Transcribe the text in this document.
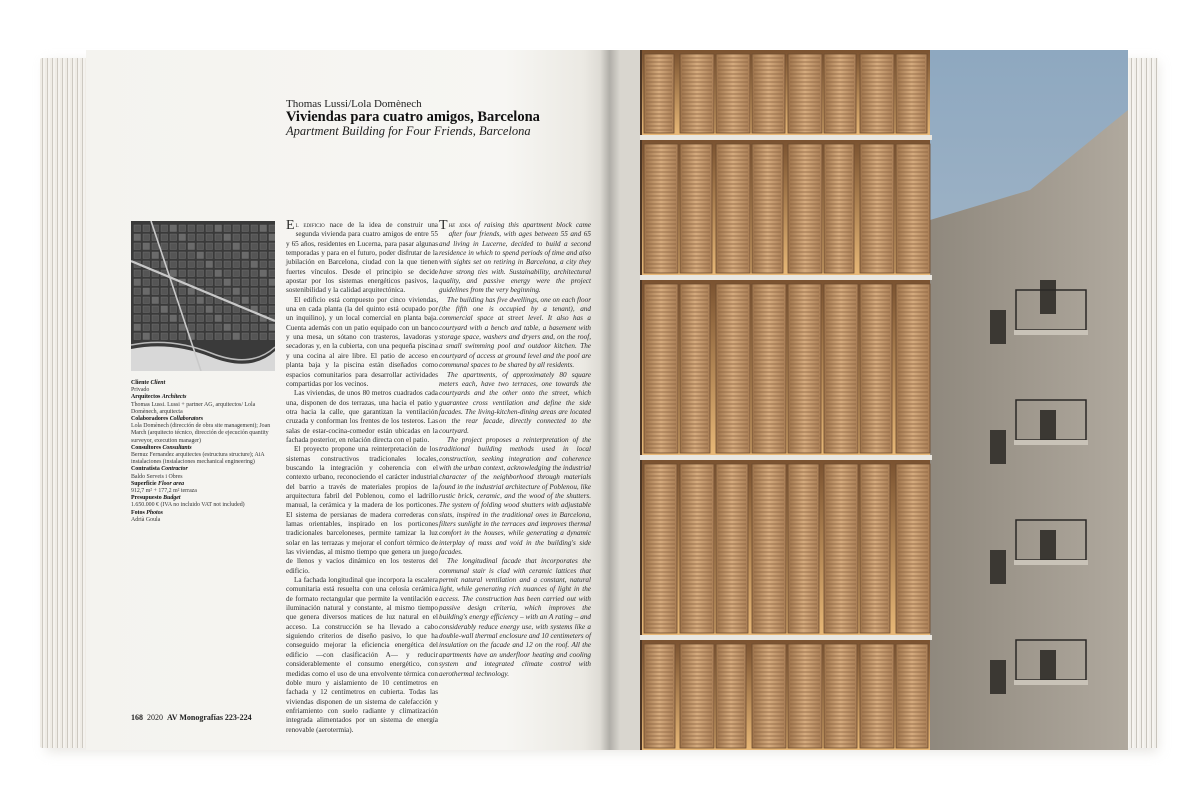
Thomas Lussi/Lola Domènech
Viviendas para cuatro amigos, Barcelona
Apartment Building for Four Friends, Barcelona
Cliente Client
Privado
Arquitectos Architects
Thomas Lussi. Lussi + partner AG, arquitectos/ Lola Domènech, arquitecta
Colaboradores Collaborators
Lola Domènech (dirección de obra site management); Joan March (arquitecto técnico, dirección de ejecución quantity surveyor, execution manager)
Consultores Consultants
Bernuz Fernandez arquitectes (estructura structure); AiA instalaciones (instalaciones mechanical engineering)
Contratista Contractor
Baldo Serveis i Obres
Superficie Floor area
912,7 m² + 177,2 m² terraza
Presupuesto Budget
1.650.000 € (IVA no incluido VAT not included)
Fotos Photos
Adrià Goula

El edificio nace de la idea de construir una segunda vivienda para cuatro amigos de entre 55 y 65 años, residentes en Lucerna, para pasar algunas temporadas y para en el futuro, poder disfrutar de la jubilación en Barcelona, ciudad con la que tienen fuertes vínculos. Desde el principio se decide apostar por los sistemas energéticos pasivos, la sostenibilidad y la calidad arquitectónica.

El edificio está compuesto por cinco viviendas, una en cada planta (la del quinto está ocupado por un inquilino), y un local comercial en planta baja. Cuenta además con un patio equipado con un banco y una mesa, un sótano con trasteros, lavadoras y secadoras y, en la cubierta, con una pequeña piscina y una cocina al aire libre. El patio de acceso en planta baja y la piscina están diseñados como espacios comunitarios para desarrollar actividades compartidas por los vecinos.

Las viviendas, de unos 80 metros cuadrados cada una, disponen de dos terrazas, una hacia el patio y otra hacia la calle, que garantizan la ventilación cruzada y conforman los frentes de los testeros. Las salas de estar-cocina-comedor están ubicadas en la fachada posterior, en relación directa con el patio.

El proyecto propone una reinterpretación de los sistemas constructivos tradicionales locales, buscando la integración y coherencia con el contexto urbano, reconociendo el carácter industrial del barrio a través de materiales propios de la arquitectura fabril del Poblenou, como el ladrillo manual, la cerámica y la madera de los porticones. El sistema de persianas de madera correderas con lamas orientables, inspirado en los porticones tradicionales barceloneses, permite tamizar la luz solar en las terrazas y mejorar el confort térmico de las viviendas, al mismo tiempo que genera un juego de llenos y vacíos dinámico en los testeros del edificio.

La fachada longitudinal que incorpora la escalera comunitaria está resuelta con una celosía cerámica de formato rectangular que permite la ventilación e iluminación natural y constante, al mismo tiempo que genera diversos matices de luz natural en el acceso. La construcción se ha llevado a cabo siguiendo criterios de diseño pasivo, lo que ha conseguido mejorar la eficiencia energética del edificio —con clasificación A— y reducir considerablemente el consumo energético, con medidas como el uso de una envolvente térmica con doble muro y aislamiento de 10 centímetros en fachada y 12 centímetros en cubierta. Todas las viviendas disponen de un sistema de calefacción y enfriamiento con suelo radiante y climatización integrada alimentados por un sistema de energía renovable (aerotermia).

The idea of raising this apartment block came after four friends, with ages between 55 and 65 and living in Lucerne, decided to build a second residence in which to spend periods of time and also with sights set on retiring in Barcelona, a city they have strong ties with. Sustainability, architectural quality, and passive energy were the project guidelines from the very beginning.

The building has five dwellings, one on each floor (the fifth one is occupied by a tenant), and commercial space at street level. It also has a courtyard with a bench and table, a basement with storage space, washers and dryers and, on the roof, a small swimming pool and outdoor kitchen. The courtyard of access at ground level and the pool are communal spaces to be shared by all residents.

The apartments, of approximately 80 square meters each, have two terraces, one towards the courtyards and the other onto the street, which guarantee cross ventilation and define the side facades. The living-kitchen-dining areas are located on the rear facade, directly connected to the courtyard.

The project proposes a reinterpretation of the traditional building methods used in local construction, seeking integration and coherence with the urban context, acknowledging the industrial character of the neighborhood through materials found in the industrial architecture of Poblenou, like rustic brick, ceramic, and the wood of the shutters. The system of folding wood shutters with adjustable slats, inspired in the traditional ones in Barcelona, filters sunlight in the terraces and improves thermal comfort in the houses, while generating a dynamic interplay of mass and void in the building's side facades.

The longitudinal facade that incorporates the communal stair is clad with ceramic lattices that permit natural ventilation and a constant, natural light, while generating rich nuances of light in the access. The construction has been carried out with passive design criteria, which improves the building's energy efficiency – with an A rating – and considerably reduce energy use, with systems like a double-wall thermal enclosure and 10 centimeters of insulation on the facade and 12 on the roof. All the apartments have an underfloor heating and cooling system and integrated climate control with aerothermal technology.

168 2020 AV Monografías 223-224
